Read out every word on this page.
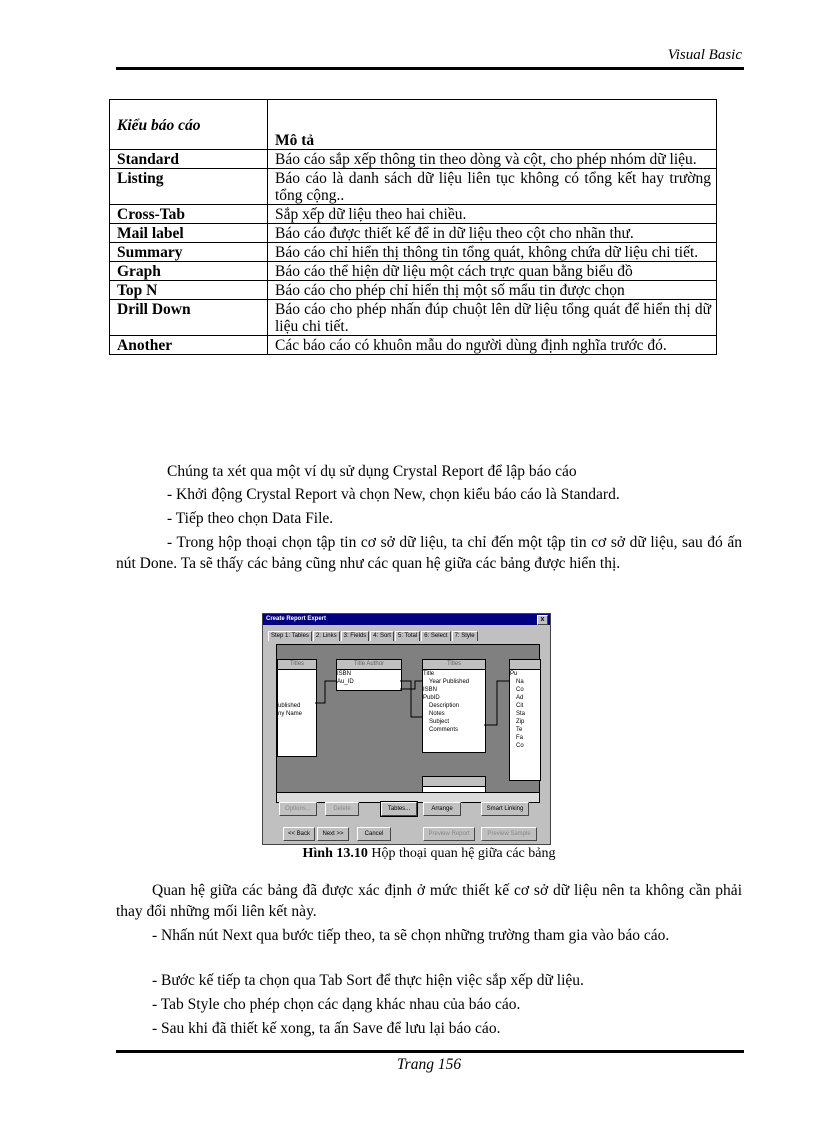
Visual Basic
Kiểu báo cáo	Mô tả
Standard	Báo cáo sắp xếp thông tin theo dòng và cột, cho phép nhóm dữ liệu.
Listing	Báo cáo là danh sách dữ liệu liên tục không có tổng kết hay trường tổng cộng..
Cross-Tab	Sắp xếp dữ liệu theo hai chiều.
Mail label	Báo cáo được thiết kế để in dữ liệu theo cột cho nhãn thư.
Summary	Báo cáo chỉ hiển thị thông tin tổng quát, không chứa dữ liệu chi tiết.
Graph	Báo cáo thể hiện dữ liệu một cách trực quan bằng biểu đồ
Top N	Báo cáo cho phép chỉ hiển thị một số mẩu tin được chọn
Drill Down	Báo cáo cho phép nhấn đúp chuột lên dữ liệu tổng quát để hiển thị dữ liệu chi tiết.
Another	Các báo cáo có khuôn mẫu do người dùng định nghĩa trước đó.
Chúng ta xét qua một ví dụ sử dụng Crystal Report để lập báo cáo
- Khởi động Crystal Report và chọn New, chọn kiểu báo cáo là Standard.
- Tiếp theo chọn Data File.
- Trong hộp thoại chọn tập tin cơ sở dữ liệu, ta chỉ đến một tập tin cơ sở dữ liệu, sau đó ấn nút Done. Ta sẽ thấy các bảng cũng như các quan hệ giữa các bảng được hiển thị.
Create Report Expert	x
Step 1: Tables	2: Links	3: Fields	4: Sort	5: Total	6: Select	7: Style
Titles

ublished
ny Name
Title Author
ISBN
Au_ID
Titles
Title
Year Published
ISBN
PubID
Description
Notes
Subject
Comments
Pu
Na
Co
Ad
Cit
Sta
Zip
Te
Fa
Co
Options...	Delete	Tables...	Arrange	Smart Linking
<< Back	Next >>	Cancel	Preview Report	Preview Sample
Hình 13.10 Hộp thoại quan hệ giữa các bảng
Quan hệ giữa các bảng đã được xác định ở mức thiết kế cơ sở dữ liệu nên ta không cần phải thay đổi những mối liên kết này.
- Nhấn nút Next qua bước tiếp theo, ta sẽ chọn những trường tham gia vào báo cáo.
- Bước kế tiếp ta chọn qua Tab Sort để thực hiện việc sắp xếp dữ liệu.
- Tab Style cho phép chọn các dạng khác nhau của báo cáo.
- Sau khi đã thiết kế xong, ta ấn Save để lưu lại báo cáo.
Trang 156
